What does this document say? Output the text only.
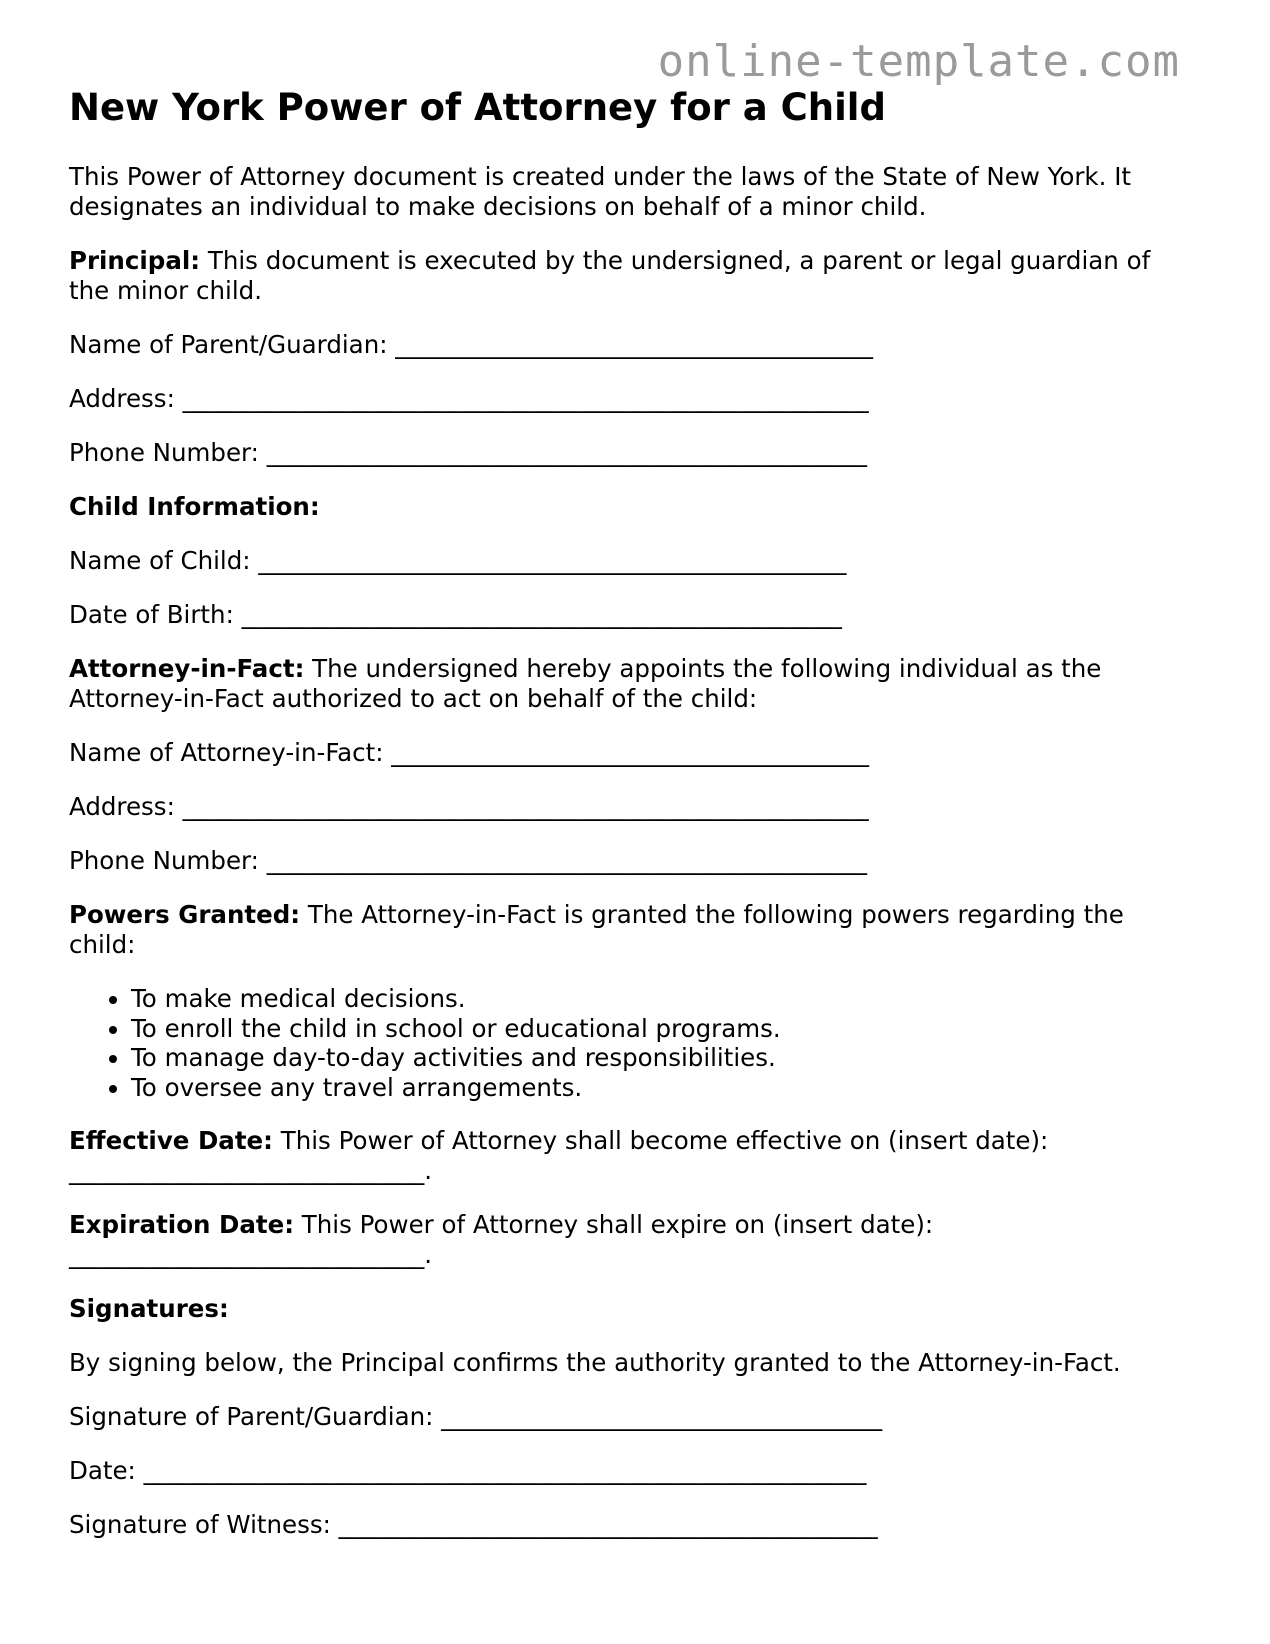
online-template.com
New York Power of Attorney for a Child

This Power of Attorney document is created under the laws of the State of New York. It

designates an individual to make decisions on behalf of a minor child.

Principal: This document is executed by the undersigned, a parent or legal guardian of

the minor child.

Name of Parent/Guardian: _______________________________________

Address: ________________________________________________________

Phone Number: _________________________________________________

Child Information:

Name of Child: ________________________________________________

Date of Birth: _________________________________________________

Attorney-in-Fact: The undersigned hereby appoints the following individual as the

Attorney-in-Fact authorized to act on behalf of the child:

Name of Attorney-in-Fact: _______________________________________

Address: ________________________________________________________

Phone Number: _________________________________________________

Powers Granted: The Attorney-in-Fact is granted the following powers regarding the

child:

• To make medical decisions.
• To enroll the child in school or educational programs.
• To manage day-to-day activities and responsibilities.
• To oversee any travel arrangements.

Effective Date: This Power of Attorney shall become effective on (insert date):

_____________________________.

Expiration Date: This Power of Attorney shall expire on (insert date):

_____________________________.

Signatures:

By signing below, the Principal confirms the authority granted to the Attorney-in-Fact.

Signature of Parent/Guardian: ____________________________________

Date: ___________________________________________________________

Signature of Witness: ____________________________________________
